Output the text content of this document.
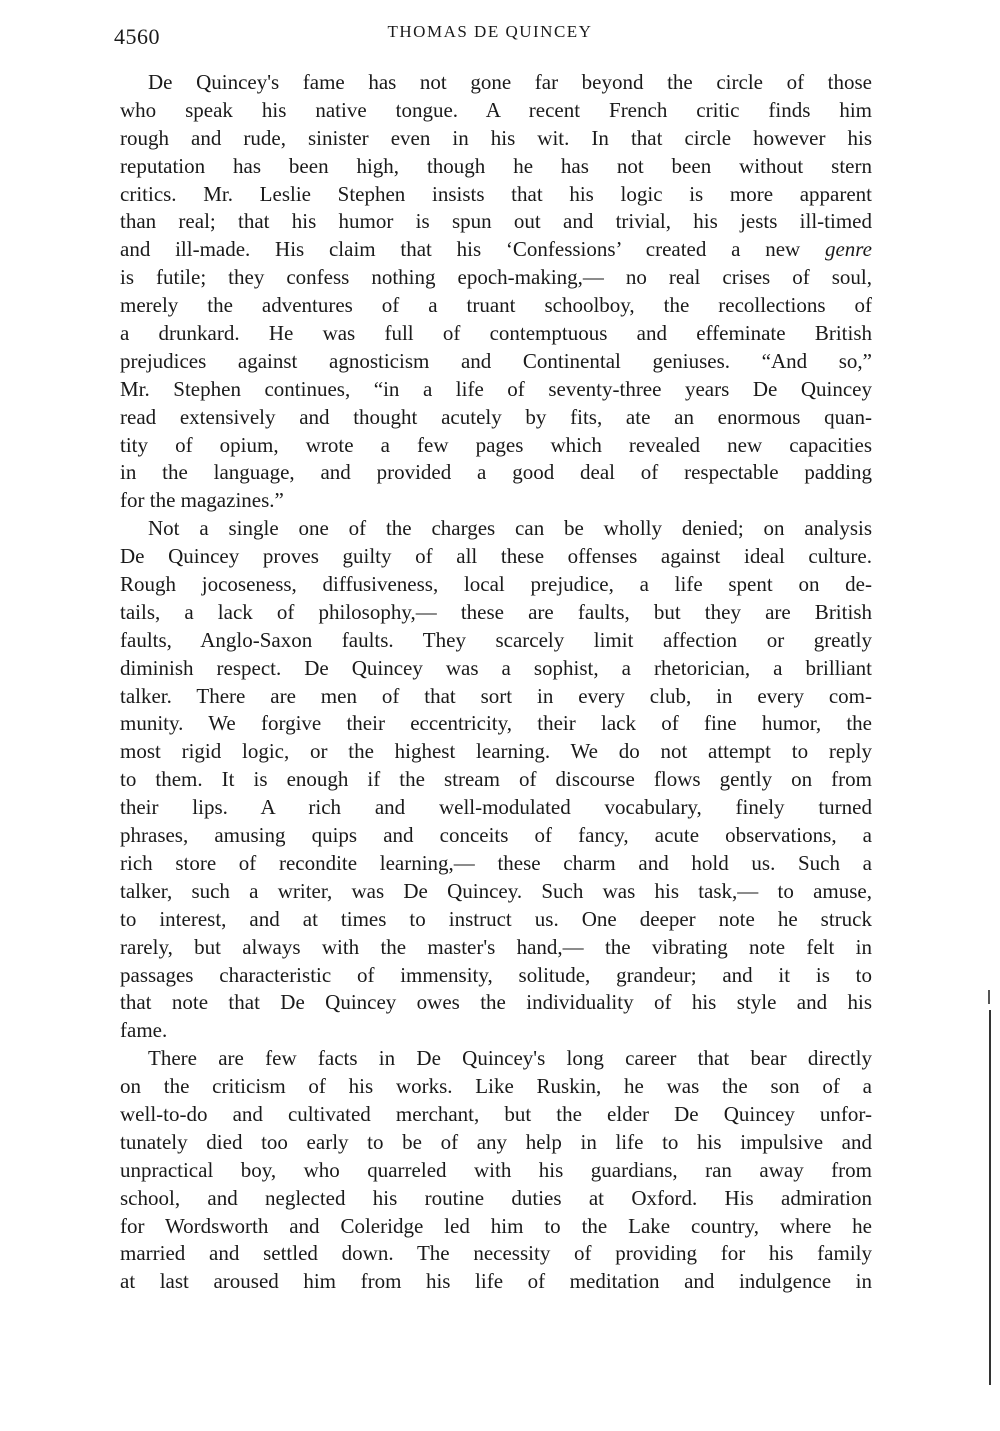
4560	THOMAS DE QUINCEY
De Quincey's fame has not gone far beyond the circle of those
who speak his native tongue. A recent French critic finds him
rough and rude, sinister even in his wit. In that circle however his
reputation has been high, though he has not been without stern
critics. Mr. Leslie Stephen insists that his logic is more apparent
than real; that his humor is spun out and trivial, his jests ill-timed
and ill-made. His claim that his ‘Confessions’ created a new genre
is futile; they confess nothing epoch-making,— no real crises of soul,
merely the adventures of a truant schoolboy, the recollections of
a drunkard. He was full of contemptuous and effeminate British
prejudices against agnosticism and Continental geniuses. “And so,”
Mr. Stephen continues, “in a life of seventy-three years De Quincey
read extensively and thought acutely by fits, ate an enormous quan-
tity of opium, wrote a few pages which revealed new capacities
in the language, and provided a good deal of respectable padding
for the magazines.”
Not a single one of the charges can be wholly denied; on analysis
De Quincey proves guilty of all these offenses against ideal culture.
Rough jocoseness, diffusiveness, local prejudice, a life spent on de-
tails, a lack of philosophy,— these are faults, but they are British
faults, Anglo-Saxon faults. They scarcely limit affection or greatly
diminish respect. De Quincey was a sophist, a rhetorician, a brilliant
talker. There are men of that sort in every club, in every com-
munity. We forgive their eccentricity, their lack of fine humor, the
most rigid logic, or the highest learning. We do not attempt to reply
to them. It is enough if the stream of discourse flows gently on from
their lips. A rich and well-modulated vocabulary, finely turned
phrases, amusing quips and conceits of fancy, acute observations, a
rich store of recondite learning,— these charm and hold us. Such a
talker, such a writer, was De Quincey. Such was his task,— to amuse,
to interest, and at times to instruct us. One deeper note he struck
rarely, but always with the master's hand,— the vibrating note felt in
passages characteristic of immensity, solitude, grandeur; and it is to
that note that De Quincey owes the individuality of his style and his
fame.
There are few facts in De Quincey's long career that bear directly
on the criticism of his works. Like Ruskin, he was the son of a
well-to-do and cultivated merchant, but the elder De Quincey unfor-
tunately died too early to be of any help in life to his impulsive and
unpractical boy, who quarreled with his guardians, ran away from
school, and neglected his routine duties at Oxford. His admiration
for Wordsworth and Coleridge led him to the Lake country, where he
married and settled down. The necessity of providing for his family
at last aroused him from his life of meditation and indulgence in
